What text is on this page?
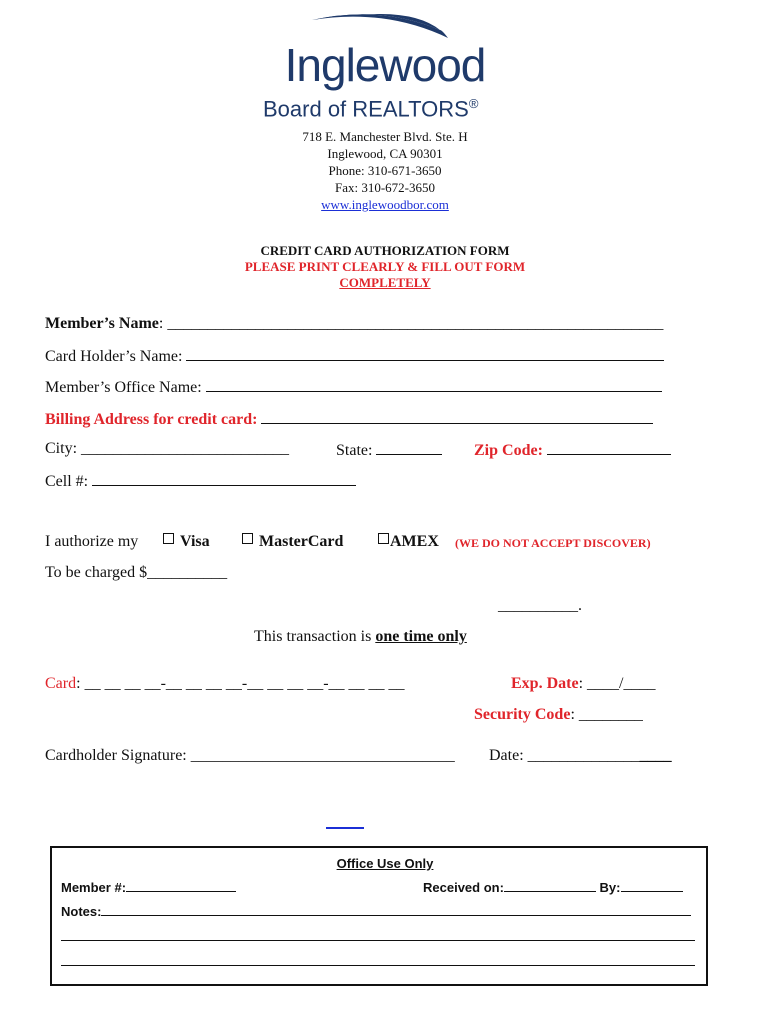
Inglewood
Board of REALTORS®
718 E. Manchester Blvd. Ste. H
Inglewood, CA 90301
Phone: 310-671-3650
Fax: 310-672-3650
www.inglewoodbor.com
CREDIT CARD AUTHORIZATION FORM
PLEASE PRINT CLEARLY & FILL OUT FORM
COMPLETELY
Member’s Name: ______________________________________________________________
Card Holder’s Name:
Member’s Office Name:
Billing Address for credit card:
City: __________________________	State:	Zip Code:
Cell #:
I authorize my	Visa	MasterCard	AMEX (WE DO NOT ACCEPT DISCOVER)
To be charged $__________
__________.
This transaction is one time only
Card: __ __ __ __-__ __ __ __-__ __ __ __-__ __ __ __	Exp. Date: ____/____
Security Code: ________
Cardholder Signature: _________________________________ Date: __________________
Office Use Only
Member #:	Received on:	By:
Notes:
